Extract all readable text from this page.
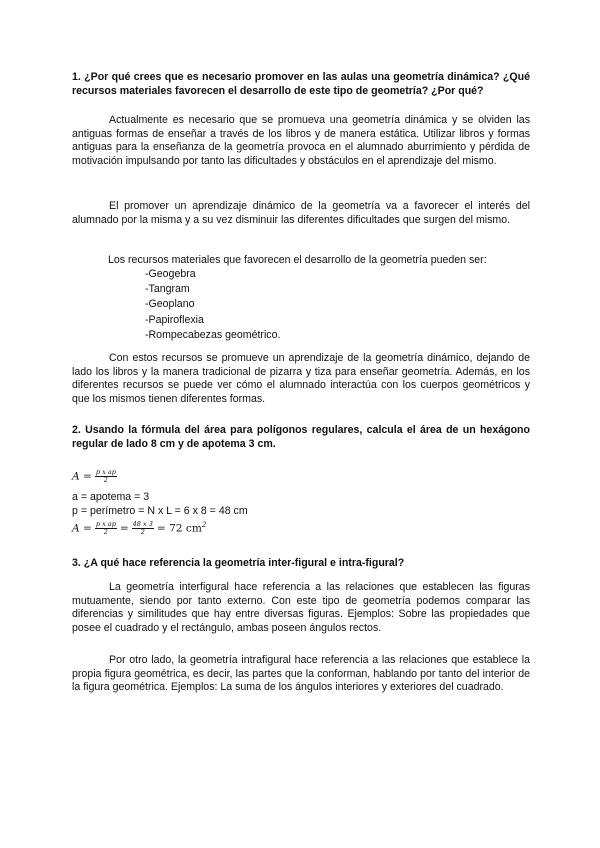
1. ¿Por qué crees que es necesario promover en las aulas una geometría dinámica? ¿Qué recursos materiales favorecen el desarrollo de este tipo de geometría? ¿Por qué?

Actualmente es necesario que se promueva una geometría dinámica y se olviden las antiguas formas de enseñar a través de los libros y de manera estática. Utilizar libros y formas antiguas para la enseñanza de la geometría provoca en el alumnado aburrimiento y pérdida de motivación impulsando por tanto las dificultades y obstáculos en el aprendizaje del mismo.

El promover un aprendizaje dinámico de la geometría va a favorecer el interés del alumnado por la misma y a su vez disminuir las diferentes dificultades que surgen del mismo.

Los recursos materiales que favorecen el desarrollo de la geometría pueden ser:
-Geogebra
-Tangram
-Geoplano
-Papiroflexia
-Rompecabezas geométrico.

Con estos recursos se promueve un aprendizaje de la geometría dinámico, dejando de lado los libros y la manera tradicional de pizarra y tiza para enseñar geometría. Además, en los diferentes recursos se puede ver cómo el alumnado interactúa con los cuerpos geométricos y que los mismos tienen diferentes formas.

2. Usando la fórmula del área para polígonos regulares, calcula el área de un hexágono regular de lado 8 cm y de apotema 3 cm.
$A = \frac{\text{p x ap}}{2}$
a = apotema = 3
p = perímetro = N x L = 6 x 8 = 48 cm
$A = \frac{\text{p x ap}}{2} = \frac{48 x 3}{2} = 72$ $cm^2$
3. ¿A qué hace referencia la geometría inter-figural e intra-figural?

La geometría interfigural hace referencia a las relaciones que establecen las figuras mutuamente, siendo por tanto externo. Con este tipo de geometría podemos comparar las diferencias y similitudes que hay entre diversas figuras. Ejemplos: Sobre las propiedades que posee el cuadrado y el rectángulo, ambas poseen ángulos rectos.

Por otro lado, la geometría intrafigural hace referencia a las relaciones que establece la propia figura geométrica, es decir, las partes que la conforman, hablando por tanto del interior de la figura geométrica. Ejemplos: La suma de los ángulos interiores y exteriores del cuadrado.
